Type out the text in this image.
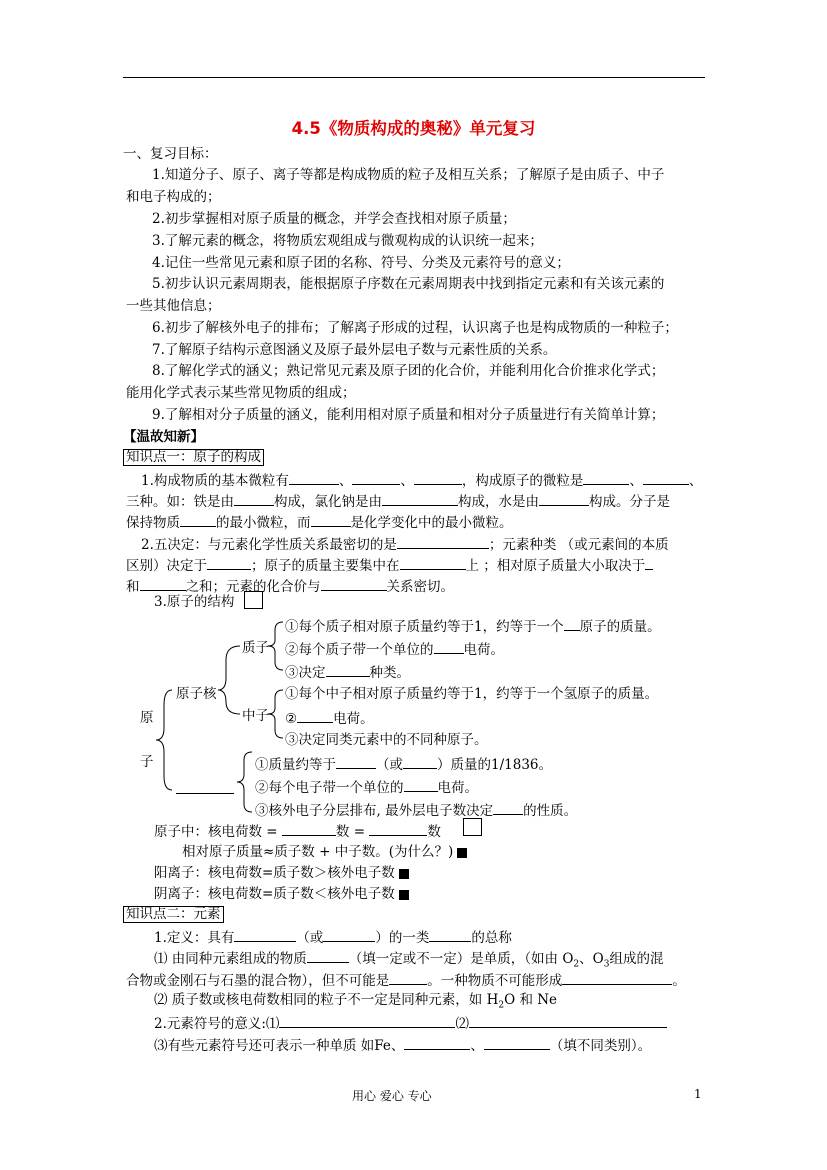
4.5《物质构成的奥秘》单元复习
一、复习目标：
1.知道分子、原子、离子等都是构成物质的粒子及相互关系；了解原子是由质子、中子
和电子构成的；
2.初步掌握相对原子质量的概念，并学会查找相对原子质量；
3.了解元素的概念，将物质宏观组成与微观构成的认识统一起来；
4.记住一些常见元素和原子团的名称、符号、分类及元素符号的意义；
5.初步认识元素周期表，能根据原子序数在元素周期表中找到指定元素和有关该元素的
一些其他信息；
6.初步了解核外电子的排布；了解离子形成的过程，认识离子也是构成物质的一种粒子；
7.了解原子结构示意图涵义及原子最外层电子数与元素性质的关系。
8.了解化学式的涵义；熟记常见元素及原子团的化合价，并能利用化合价推求化学式；
能用化学式表示某些常见物质的组成；
9.了解相对分子质量的涵义，能利用相对原子质量和相对分子质量进行有关简单计算；
【温故知新】
知识点一：原子的构成
1.构成物质的基本微粒有	、	、	，构成原子的微粒是	、	、
三种。如：铁是由	构成，氯化钠是由	构成，水是由	构成。分子是
保持物质	的最小微粒，而	是化学变化中的最小微粒。
2.五决定：与元素化学性质关系最密切的是	；元素种类 （或元素间的本质
区别）决定于	；原子的质量主要集中在	上 ；相对原子质量大小取决于
和	之和；元素的化合价与	关系密切。
3.原子的结构
质子
原子核
中子
原
子
①每个质子相对原子质量约等于1，约等于一个 原子的质量。
②每个质子带一个单位的 电荷。
③决定	种类。
①每个中子相对原子质量约等于1，约等于一个氢原子的质量。
②	电荷。
③决定同类元素中的不同种原子。
①质量约等于	（或	）质量的1/1836。
②每个电子带一个单位的	电荷。
③核外电子分层排布, 最外层电子数决定 的性质。
原子中：核电荷数 =	数 =	数
相对原子质量≈质子数 + 中子数。(为什么？)
阳离子：核电荷数=质子数＞核外电子数
阴离子：核电荷数=质子数＜核外电子数
知识点二：元素
1.定义：具有	（或	）的一类	的总称
⑴ 由同种元素组成的物质	（填一定或不一定）是单质，（如由 $O_2$、$O_3$组成的混
合物或金刚石与石墨的混合物），但不可能是	。一种物质不可能形成	。
⑵ 质子数或核电荷数相同的粒子不一定是同种元素，如 $H_2O$ 和 Ne
2.元素符号的意义:⑴	⑵
⑶有些元素符号还可表示一种单质 如Fe、	、	（填不同类别）。
用心 爱心 专心	1
